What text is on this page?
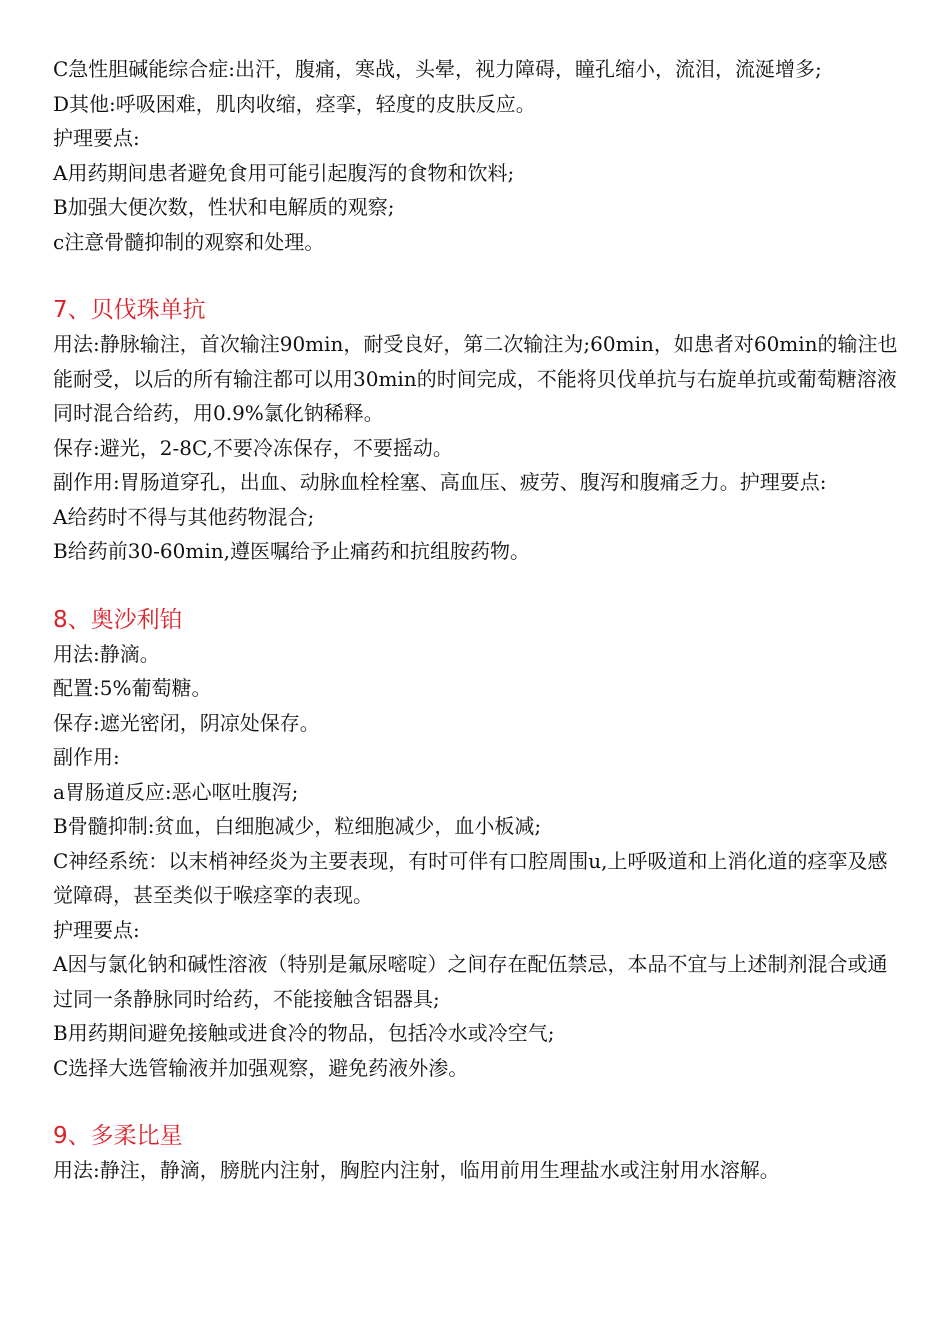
C急性胆碱能综合症:出汗，腹痛，寒战，头晕，视力障碍，瞳孔缩小，流泪，流涎增多;
D其他:呼吸困难，肌肉收缩，痉挛，轻度的皮肤反应。
护理要点:
A用药期间患者避免食用可能引起腹泻的食物和饮料;
B加强大便次数，性状和电解质的观察;
c注意骨髓抑制的观察和处理。
7、贝伐珠单抗
用法:静脉输注，首次输注90min，耐受良好，第二次输注为;60min，如患者对60min的输注也能耐受，以后的所有输注都可以用30min的时间完成，不能将贝伐单抗与右旋单抗或葡萄糖溶液同时混合给药，用0.9%氯化钠稀释。
保存:避光，2-8C,不要冷冻保存，不要摇动。
副作用:胃肠道穿孔，出血、动脉血栓栓塞、高血压、疲劳、腹泻和腹痛乏力。护理要点:
A给药时不得与其他药物混合;
B给药前30-60min,遵医嘱给予止痛药和抗组胺药物。
8、奥沙利铂
用法:静滴。
配置:5%葡萄糖。
保存:遮光密闭，阴凉处保存。
副作用:
a胃肠道反应:恶心呕吐腹泻;
B骨髓抑制:贫血，白细胞减少，粒细胞减少，血小板减;
C神经系统：以末梢神经炎为主要表现，有时可伴有口腔周围u,上呼吸道和上消化道的痉挛及感觉障碍，甚至类似于喉痉挛的表现。
护理要点:
A因与氯化钠和碱性溶液（特别是氟尿嘧啶）之间存在配伍禁忌，本品不宜与上述制剂混合或通过同一条静脉同时给药，不能接触含铝器具;
B用药期间避免接触或进食冷的物品，包括冷水或冷空气;
C选择大选管输液并加强观察，避免药液外渗。
9、多柔比星
用法:静注，静滴，膀胱内注射，胸腔内注射，临用前用生理盐水或注射用水溶解。
